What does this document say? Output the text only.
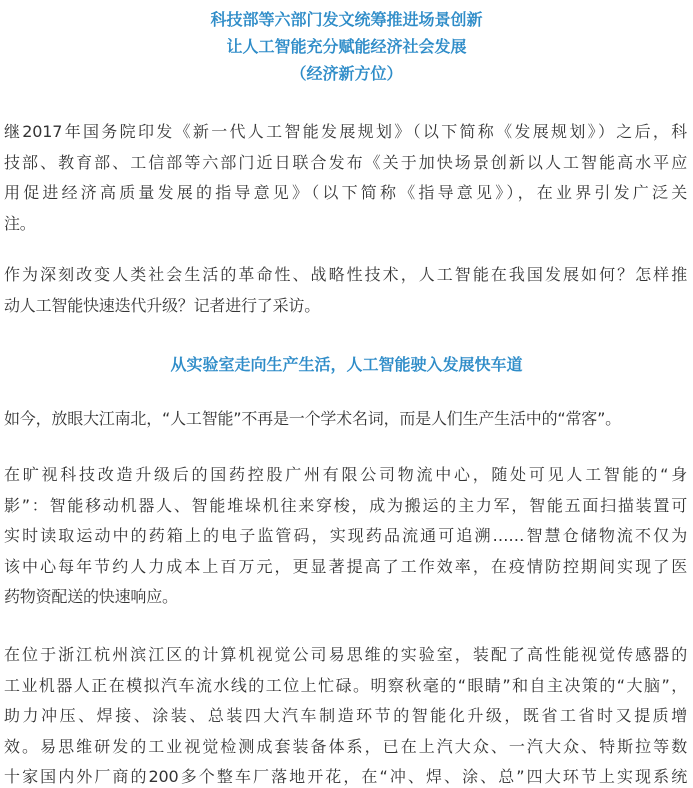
科技部等六部门发文统筹推进场景创新
让人工智能充分赋能经济社会发展
（经济新方位）

继2017年国务院印发《新一代人工智能发展规划》（以下简称《发展规划》）之后，科
技部、教育部、工信部等六部门近日联合发布《关于加快场景创新以人工智能高水平应
用促进经济高质量发展的指导意见》（以下简称《指导意见》），在业界引发广泛关
注。

作为深刻改变人类社会生活的革命性、战略性技术，人工智能在我国发展如何？怎样推
动人工智能快速迭代升级？记者进行了采访。

从实验室走向生产生活，人工智能驶入发展快车道

如今，放眼大江南北，“人工智能”不再是一个学术名词，而是人们生产生活中的“常客”。

在旷视科技改造升级后的国药控股广州有限公司物流中心，随处可见人工智能的“身
影”：智能移动机器人、智能堆垛机往来穿梭，成为搬运的主力军，智能五面扫描装置可
实时读取运动中的药箱上的电子监管码，实现药品流通可追溯……智慧仓储物流不仅为
该中心每年节约人力成本上百万元，更显著提高了工作效率，在疫情防控期间实现了医
药物资配送的快速响应。

在位于浙江杭州滨江区的计算机视觉公司易思维的实验室，装配了高性能视觉传感器的
工业机器人正在模拟汽车流水线的工位上忙碌。明察秋毫的“眼睛”和自主决策的“大脑”，
助力冲压、焊接、涂装、总装四大汽车制造环节的智能化升级，既省工省时又提质增
效。易思维研发的工业视觉检测成套装备体系，已在上汽大众、一汽大众、特斯拉等数
十家国内外厂商的200多个整车厂落地开花，在“冲、焊、涂、总”四大环节上实现系统
